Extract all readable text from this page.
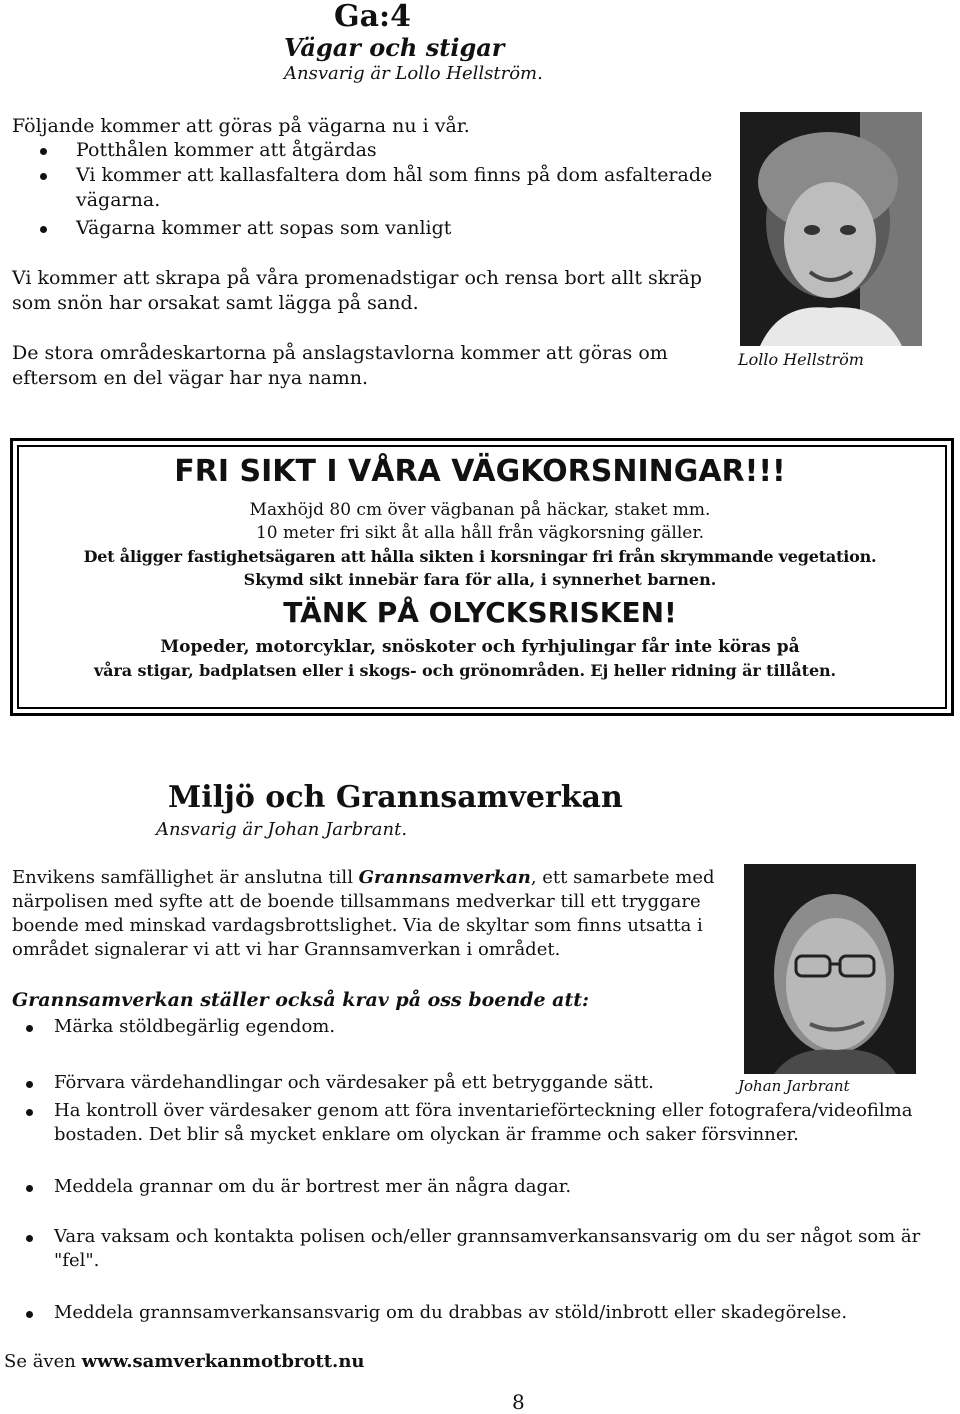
Ga:4
Vägar och stigar
Ansvarig är Lollo Hellström.
Följande kommer att göras på vägarna nu i vår.
Potthålen kommer att åtgärdas
Vi kommer att kallasfaltera dom hål som finns på dom asfalterade vägarna.
Vägarna kommer att sopas som vanligt
Vi kommer att skrapa på våra promenadstigar och rensa bort allt skräp som snön har orsakat samt lägga på sand.
De stora områdeskartorna på anslagstavlorna kommer att göras om eftersom en del vägar har nya namn.
Lollo Hellström
FRI SIKT I VÅRA VÄGKORSNINGAR!!!
Maxhöjd 80 cm över vägbanan på häckar, staket mm.
10 meter fri sikt åt alla håll från vägkorsning gäller.
Det åligger fastighetsägaren att hålla sikten i korsningar fri från skrymmande vegetation.
Skymd sikt innebär fara för alla, i synnerhet barnen.
TÄNK PÅ OLYCKSRISKEN!
Mopeder, motorcyklar, snöskoter och fyrhjulingar får inte köras på
våra stigar, badplatsen eller i skogs- och grönområden. Ej heller ridning är tillåten.
Miljö och Grannsamverkan
Ansvarig är Johan Jarbrant.
Envikens samfällighet är anslutna till Grannsamverkan, ett samarbete med närpolisen med syfte att de boende tillsammans medverkar till ett tryggare boende med minskad vardagsbrottslighet. Via de skyltar som finns utsatta i området signalerar vi att vi har Grannsamverkan i området.
Grannsamverkan ställer också krav på oss boende att:
Johan Jarbrant
Märka stöldbegärlig egendom.
Förvara värdehandlingar och värdesaker på ett betryggande sätt.
Ha kontroll över värdesaker genom att föra inventarieförteckning eller fotografera/videofilma bostaden. Det blir så mycket enklare om olyckan är framme och saker försvinner.
Meddela grannar om du är bortrest mer än några dagar.
Vara vaksam och kontakta polisen och/eller grannsamverkansansvarig om du ser något som är "fel".
Meddela grannsamverkansansvarig om du drabbas av stöld/inbrott eller skadegörelse.
Se även www.samverkanmotbrott.nu
8
